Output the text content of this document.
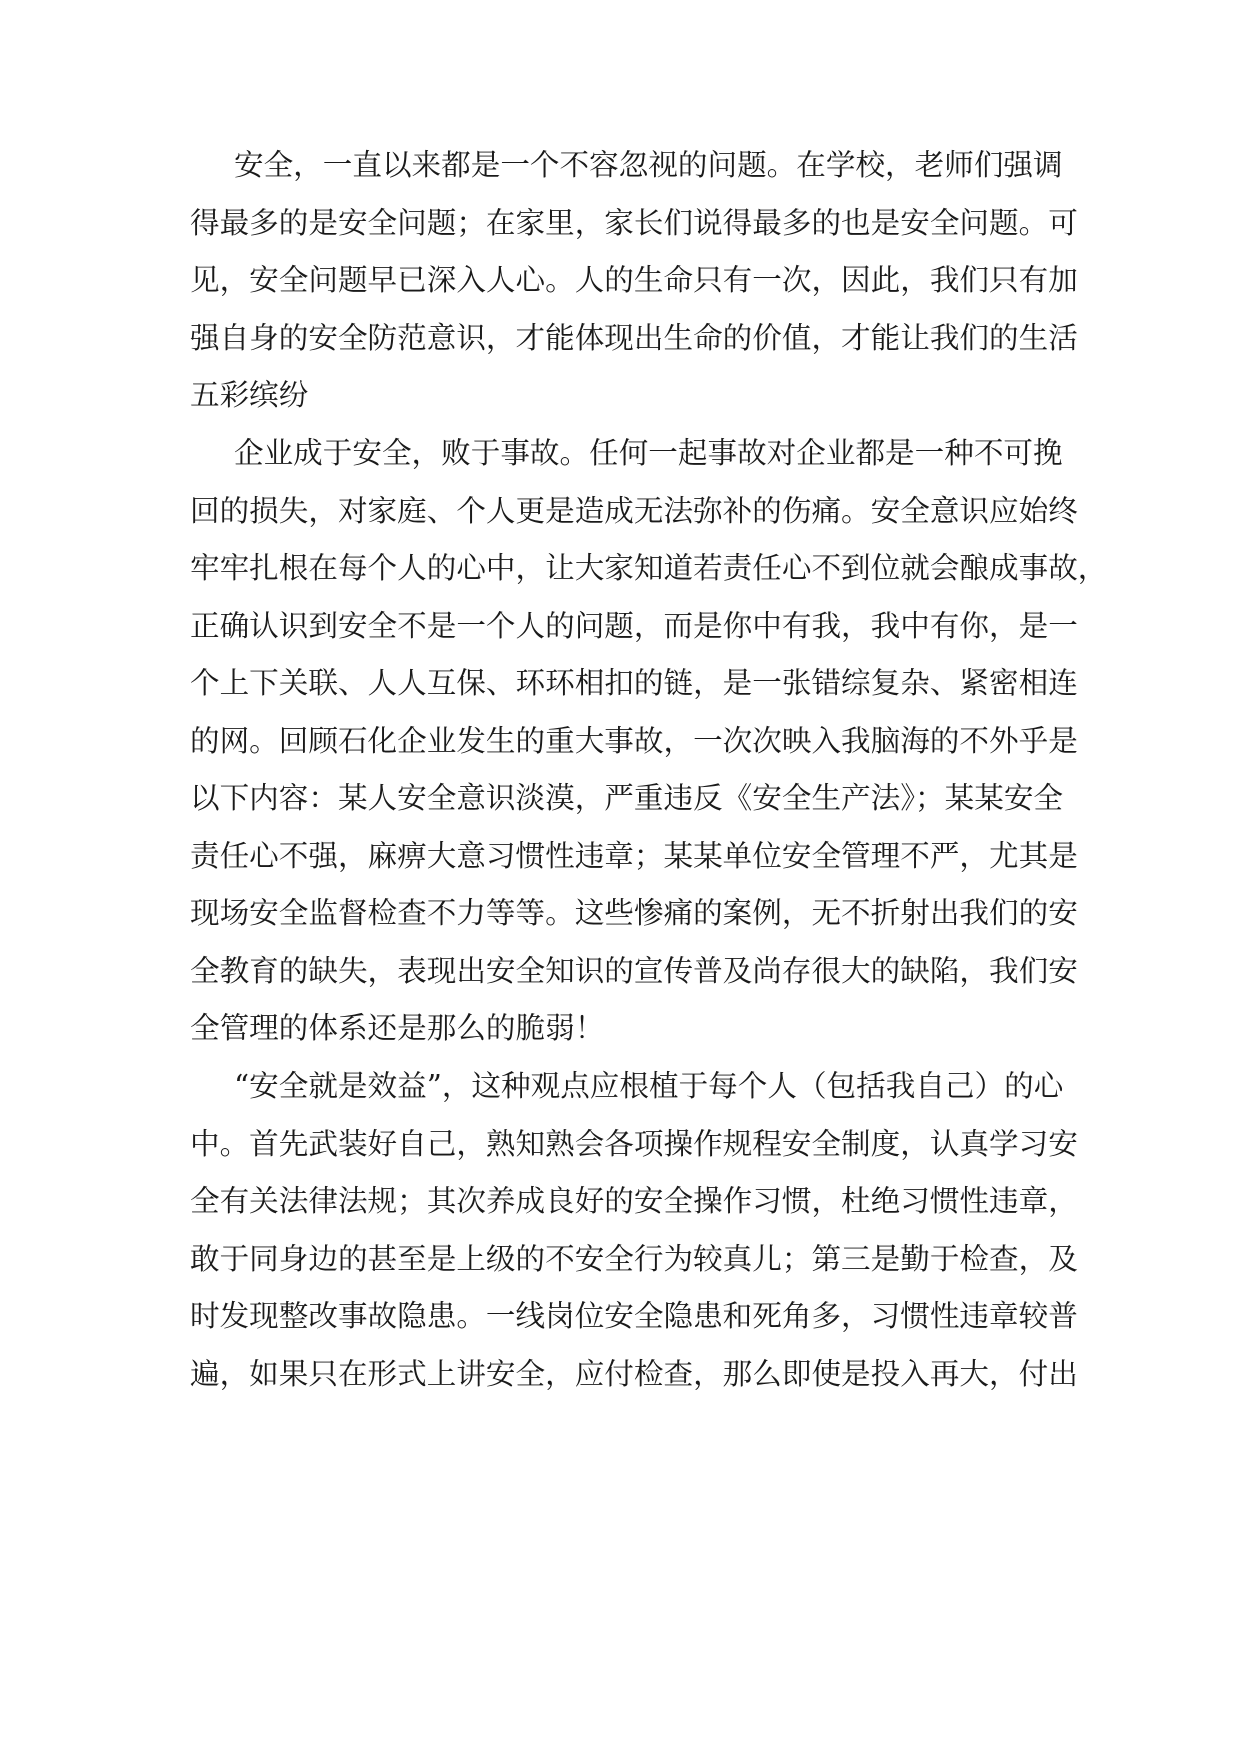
安全，一直以来都是一个不容忽视的问题。在学校，老师们强调
得最多的是安全问题；在家里，家长们说得最多的也是安全问题。可
见，安全问题早已深入人心。人的生命只有一次，因此，我们只有加
强自身的安全防范意识，才能体现出生命的价值，才能让我们的生活
五彩缤纷
企业成于安全，败于事故。任何一起事故对企业都是一种不可挽
回的损失，对家庭、个人更是造成无法弥补的伤痛。安全意识应始终
牢牢扎根在每个人的心中，让大家知道若责任心不到位就会酿成事故，
正确认识到安全不是一个人的问题，而是你中有我，我中有你，是一
个上下关联、人人互保、环环相扣的链，是一张错综复杂、紧密相连
的网。回顾石化企业发生的重大事故，一次次映入我脑海的不外乎是
以下内容：某人安全意识淡漠，严重违反《安全生产法》；某某安全
责任心不强，麻痹大意习惯性违章；某某单位安全管理不严，尤其是
现场安全监督检查不力等等。这些惨痛的案例，无不折射出我们的安
全教育的缺失，表现出安全知识的宣传普及尚存很大的缺陷，我们安
全管理的体系还是那么的脆弱！
“安全就是效益”，这种观点应根植于每个人（包括我自己）的心
中。首先武装好自己，熟知熟会各项操作规程安全制度，认真学习安
全有关法律法规；其次养成良好的安全操作习惯，杜绝习惯性违章，
敢于同身边的甚至是上级的不安全行为较真儿；第三是勤于检查，及
时发现整改事故隐患。一线岗位安全隐患和死角多，习惯性违章较普
遍，如果只在形式上讲安全，应付检查，那么即使是投入再大，付出
